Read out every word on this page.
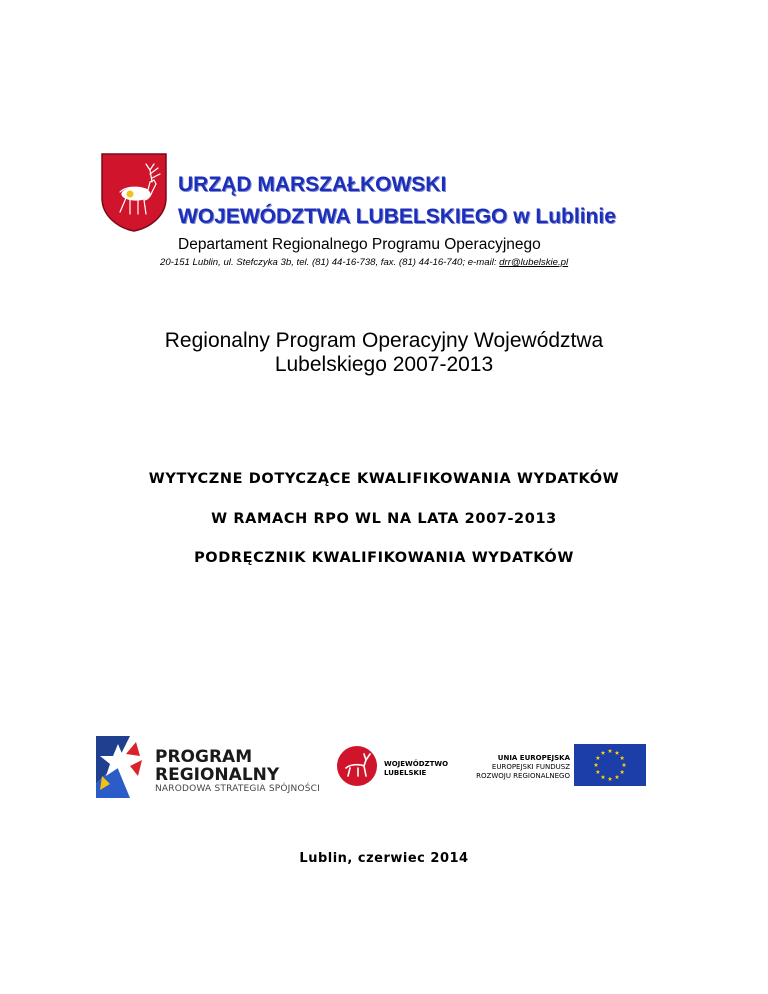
URZĄD MARSZAŁKOWSKI
WOJEWÓDZTWA LUBELSKIEGO w Lublinie
Departament Regionalnego Programu Operacyjnego
20-151 Lublin, ul. Stefczyka 3b, tel. (81) 44-16-738, fax. (81) 44-16-740; e-mail: drr@lubelskie.pl
Regionalny Program Operacyjny Województwa
Lubelskiego 2007-2013
WYTYCZNE DOTYCZĄCE KWALIFIKOWANIA WYDATKÓW
W RAMACH RPO WL NA LATA 2007-2013
PODRĘCZNIK KWALIFIKOWANIA WYDATKÓW
PROGRAM
REGIONALNY
NARODOWA STRATEGIA SPÓJNOŚCI
WOJEWÓDZTWO
LUBELSKIE
UNIA EUROPEJSKA
EUROPEJSKI FUNDUSZ
ROZWOJU REGIONALNEGO
Lublin, czerwiec 2014
